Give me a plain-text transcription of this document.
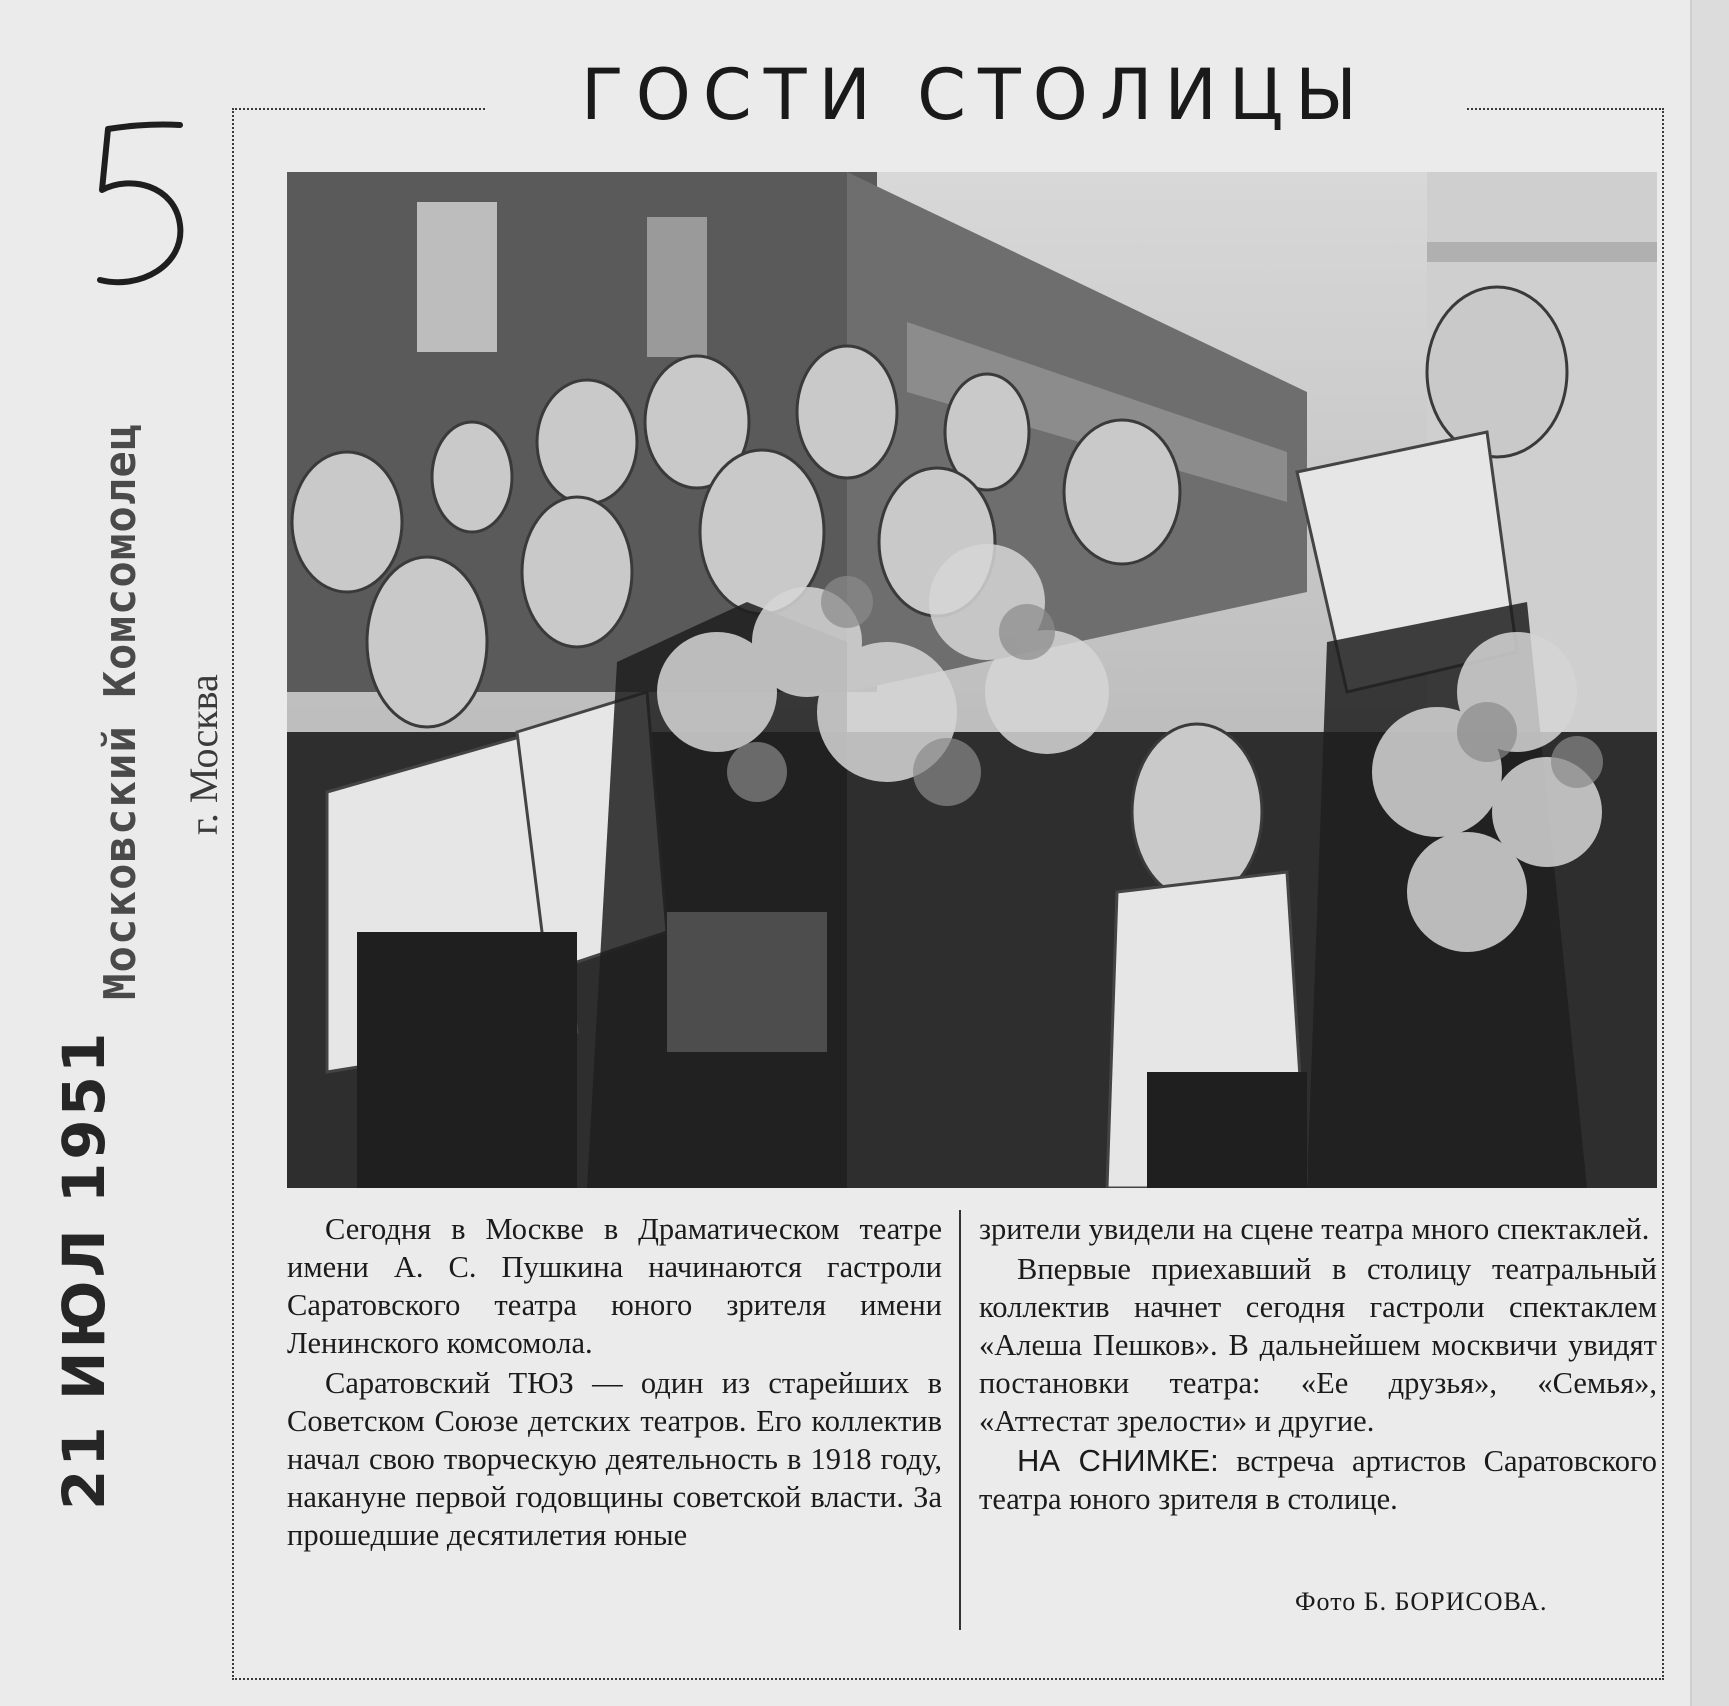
ГОСТИ СТОЛИЦЫ
21 ИЮЛ 1951
Московский Комсомолец г. Москва

Сегодня в Москве в Драматическом театре имени А. С. Пушкина начинаются гастроли Саратовского театра юного зрителя имени Ленинского комсомола.

Саратовский ТЮЗ — один из старейших в Советском Союзе детских театров. Его коллектив начал свою творческую деятельность в 1918 году, накануне первой годовщины советской власти. За прошедшие десятилетия юные

зрители увидели на сцене театра много спектаклей.

Впервые приехавший в столицу театральный коллектив начнет сегодня гастроли спектаклем «Алеша Пешков». В дальнейшем москвичи увидят постановки театра: «Ее друзья», «Семья», «Аттестат зрелости» и другие.

НА СНИМКЕ: встреча артистов Саратовского театра юного зрителя в столице.

Фото Б. БОРИСОВА.
